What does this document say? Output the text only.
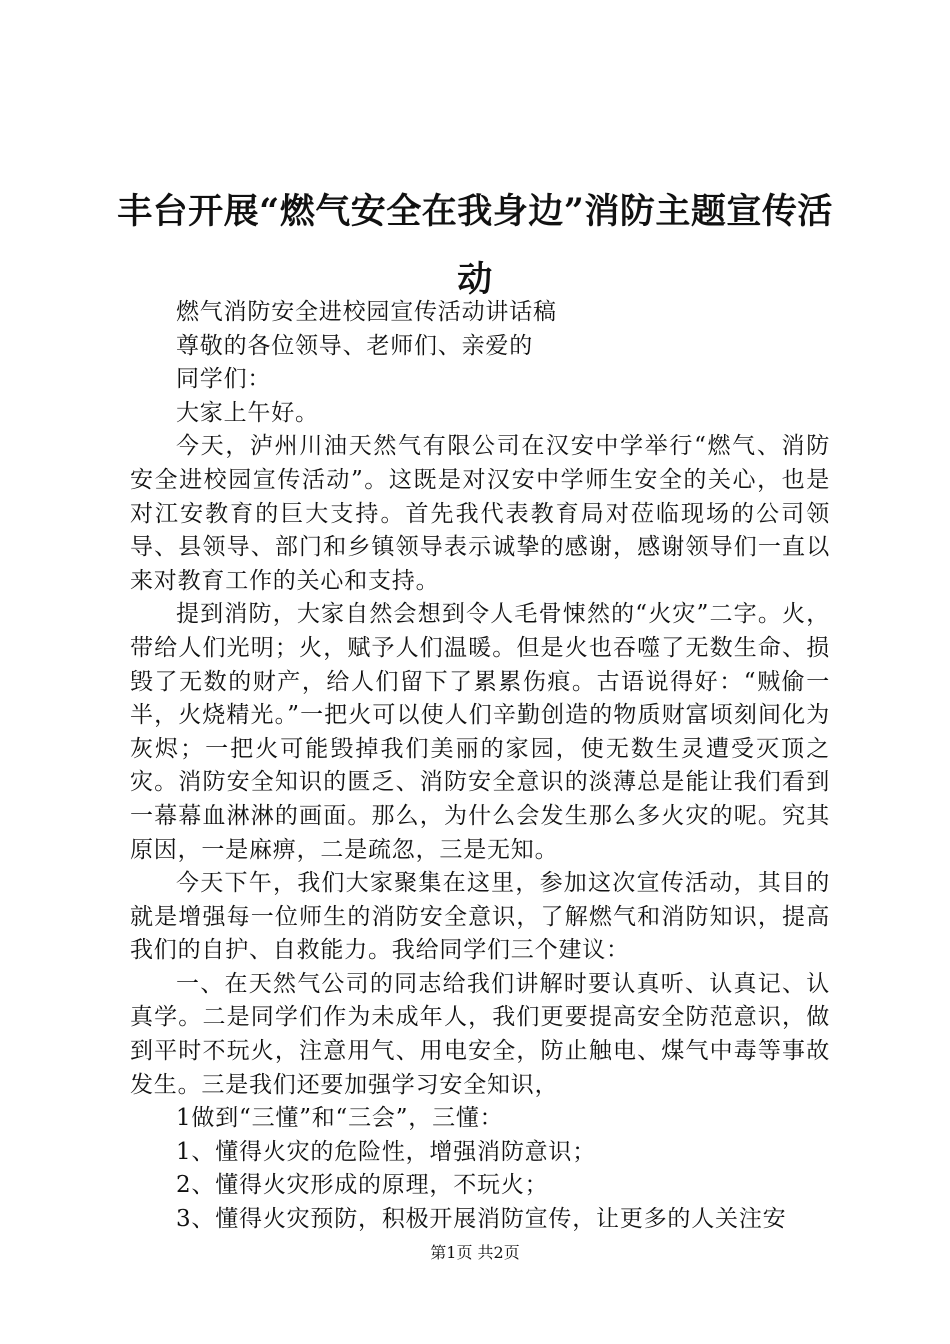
丰台开展“燃气安全在我身边”消防主题宣传活动

燃气消防安全进校园宣传活动讲话稿

尊敬的各位领导、老师们、亲爱的

同学们：

大家上午好。

今天，泸州川油天然气有限公司在汉安中学举行“燃气、消防安全进校园宣传活动”。这既是对汉安中学师生安全的关心，也是对江安教育的巨大支持。首先我代表教育局对莅临现场的公司领导、县领导、部门和乡镇领导表示诚挚的感谢，感谢领导们一直以来对教育工作的关心和支持。

提到消防，大家自然会想到令人毛骨悚然的“火灾”二字。火，带给人们光明；火，赋予人们温暖。但是火也吞噬了无数生命、损毁了无数的财产，给人们留下了累累伤痕。古语说得好：“贼偷一半，火烧精光。”一把火可以使人们辛勤创造的物质财富顷刻间化为灰烬；一把火可能毁掉我们美丽的家园，使无数生灵遭受灭顶之灾。消防安全知识的匮乏、消防安全意识的淡薄总是能让我们看到一幕幕血淋淋的画面。那么，为什么会发生那么多火灾的呢。究其原因，一是麻痹，二是疏忽，三是无知。

今天下午，我们大家聚集在这里，参加这次宣传活动，其目的就是增强每一位师生的消防安全意识，了解燃气和消防知识，提高我们的自护、自救能力。我给同学们三个建议：

一、在天然气公司的同志给我们讲解时要认真听、认真记、认真学。二是同学们作为未成年人，我们更要提高安全防范意识，做到平时不玩火，注意用气、用电安全，防止触电、煤气中毒等事故发生。三是我们还要加强学习安全知识，

1做到“三懂”和“三会”，三懂：

1、懂得火灾的危险性，增强消防意识；

2、懂得火灾形成的原理，不玩火；

3、懂得火灾预防，积极开展消防宣传，让更多的人关注安

第1页 共2页
